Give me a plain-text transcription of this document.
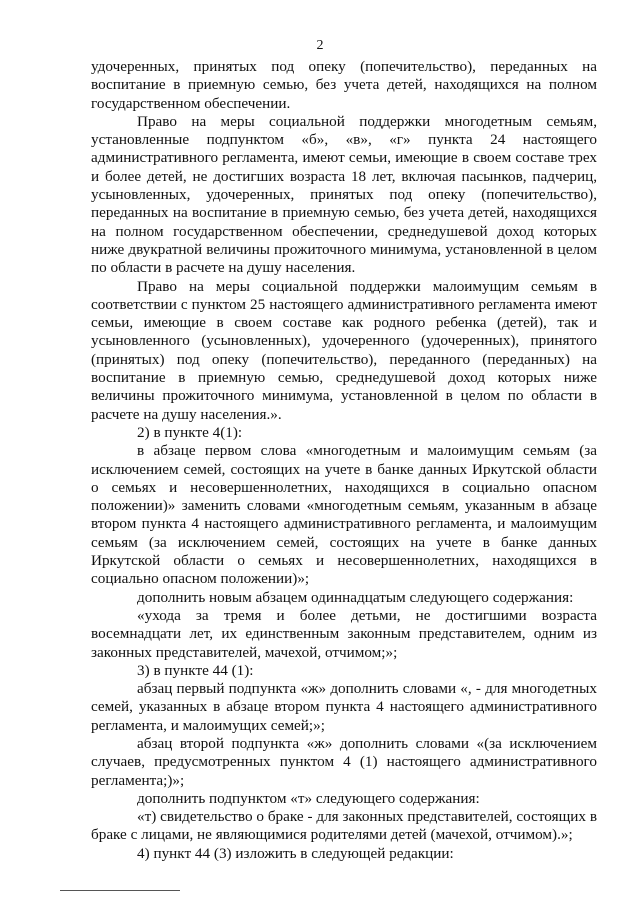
2

удочеренных, принятых под опеку (попечительство), переданных на воспитание в приемную семью, без учета детей, находящихся на полном государственном обеспечении.

Право на меры социальной поддержки многодетным семьям, установленные подпунктом «б», «в», «г» пункта 24 настоящего административного регламента, имеют семьи, имеющие в своем составе трех и более детей, не достигших возраста 18 лет, включая пасынков, падчериц, усыновленных, удочеренных, принятых под опеку (попечительство), переданных на воспитание в приемную семью, без учета детей, находящихся на полном государственном обеспечении, среднедушевой доход которых ниже двукратной величины прожиточного минимума, установленной в целом по области в расчете на душу населения.

Право на меры социальной поддержки малоимущим семьям в соответствии с пунктом 25 настоящего административного регламента имеют семьи, имеющие в своем составе как родного ребенка (детей), так и усыновленного (усыновленных), удочеренного (удочеренных), принятого (принятых) под опеку (попечительство), переданного (переданных) на воспитание в приемную семью, среднедушевой доход которых ниже величины прожиточного минимума, установленной в целом по области в расчете на душу населения.».

2) в пункте 4(1):

в абзаце первом слова «многодетным и малоимущим семьям (за исключением семей, состоящих на учете в банке данных Иркутской области о семьях и несовершеннолетних, находящихся в социально опасном положении)» заменить словами «многодетным семьям, указанным в абзаце втором пункта 4 настоящего административного регламента, и малоимущим семьям (за исключением семей, состоящих на учете в банке данных Иркутской области о семьях и несовершеннолетних, находящихся в социально опасном положении)»;

дополнить новым абзацем одиннадцатым следующего содержания:

«ухода за тремя и более детьми, не достигшими возраста восемнадцати лет, их единственным законным представителем, одним из законных представителей, мачехой, отчимом;»;

3) в пункте 44 (1):

абзац первый подпункта «ж» дополнить словами «, - для многодетных семей, указанных в абзаце втором пункта 4 настоящего административного регламента, и малоимущих семей;»;

абзац второй подпункта «ж» дополнить словами «(за исключением случаев, предусмотренных пунктом 4 (1) настоящего административного регламента;)»;

дополнить подпунктом «т» следующего содержания:

«т) свидетельство о браке - для законных представителей, состоящих в браке с лицами, не являющимися родителями детей (мачехой, отчимом).»;

4) пункт 44 (3) изложить в следующей редакции:
